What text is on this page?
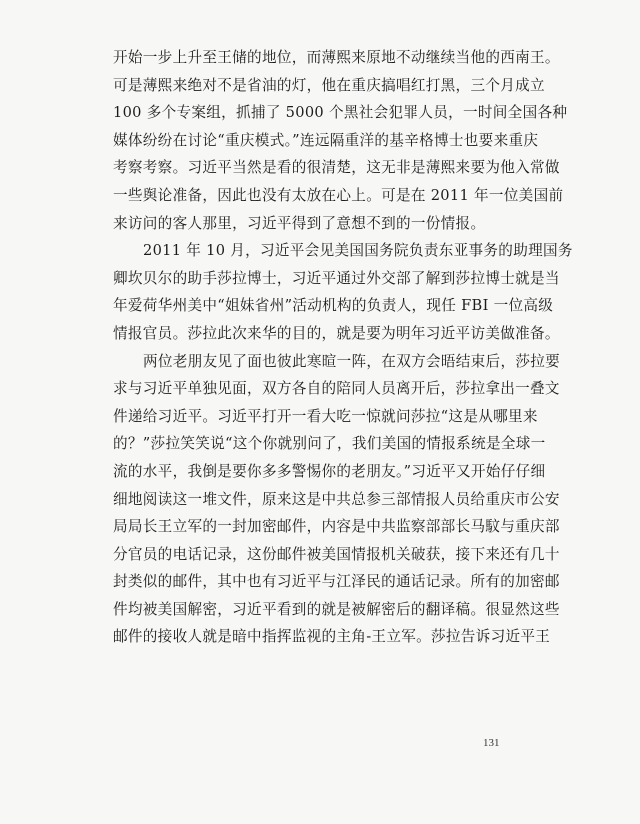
开始一步上升至王储的地位，而薄熙来原地不动继续当他的西南王。
可是薄熙来绝对不是省油的灯，他在重庆搞唱红打黑，三个月成立
100 多个专案组，抓捕了 5000 个黑社会犯罪人员，一时间全国各种
媒体纷纷在讨论“重庆模式。”连远隔重洋的基辛格博士也要来重庆
考察考察。习近平当然是看的很清楚，这无非是薄熙来要为他入常做
一些舆论准备，因此也没有太放在心上。可是在 2011 年一位美国前
来访问的客人那里，习近平得到了意想不到的一份情报。

2011 年 10 月，习近平会见美国国务院负责东亚事务的助理国务
卿坎贝尔的助手莎拉博士，习近平通过外交部了解到莎拉博士就是当
年爱荷华州美中“姐妹省州”活动机构的负责人，现任 FBI 一位高级
情报官员。莎拉此次来华的目的，就是要为明年习近平访美做准备。

两位老朋友见了面也彼此寒暄一阵，在双方会晤结束后，莎拉要
求与习近平单独见面，双方各自的陪同人员离开后，莎拉拿出一叠文
件递给习近平。习近平打开一看大吃一惊就问莎拉“这是从哪里来
的？”莎拉笑笑说“这个你就别问了，我们美国的情报系统是全球一
流的水平，我倒是要你多多警惕你的老朋友。”习近平又开始仔仔细
细地阅读这一堆文件，原来这是中共总参三部情报人员给重庆市公安
局局长王立军的一封加密邮件，内容是中共监察部部长马馼与重庆部
分官员的电话记录，这份邮件被美国情报机关破获，接下来还有几十
封类似的邮件，其中也有习近平与江泽民的通话记录。所有的加密邮
件均被美国解密，习近平看到的就是被解密后的翻译稿。很显然这些
邮件的接收人就是暗中指挥监视的主角-王立军。莎拉告诉习近平王

131
